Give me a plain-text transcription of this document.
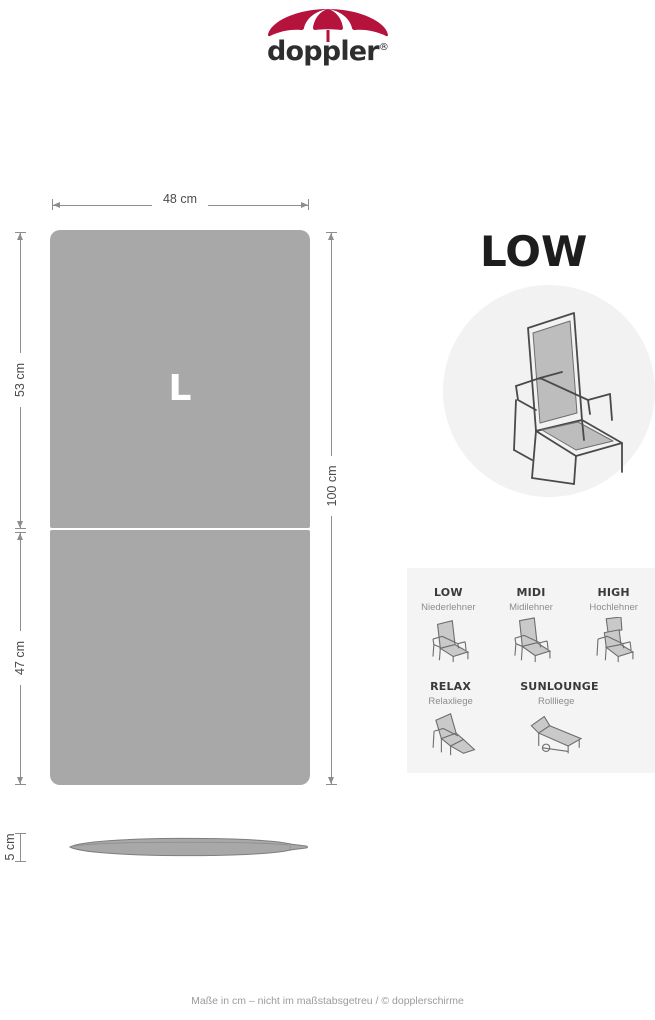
doppler®
L
48 cm
53 cm
47 cm
100 cm
5 cm
LOW
LOW
Niederlehner
MIDI
Midilehner
HIGH
Hochlehner
RELAX
Relaxliege
SUNLOUNGE
Rollliege
Maße in cm – nicht im maßstabsgetreu / © dopplerschirme
